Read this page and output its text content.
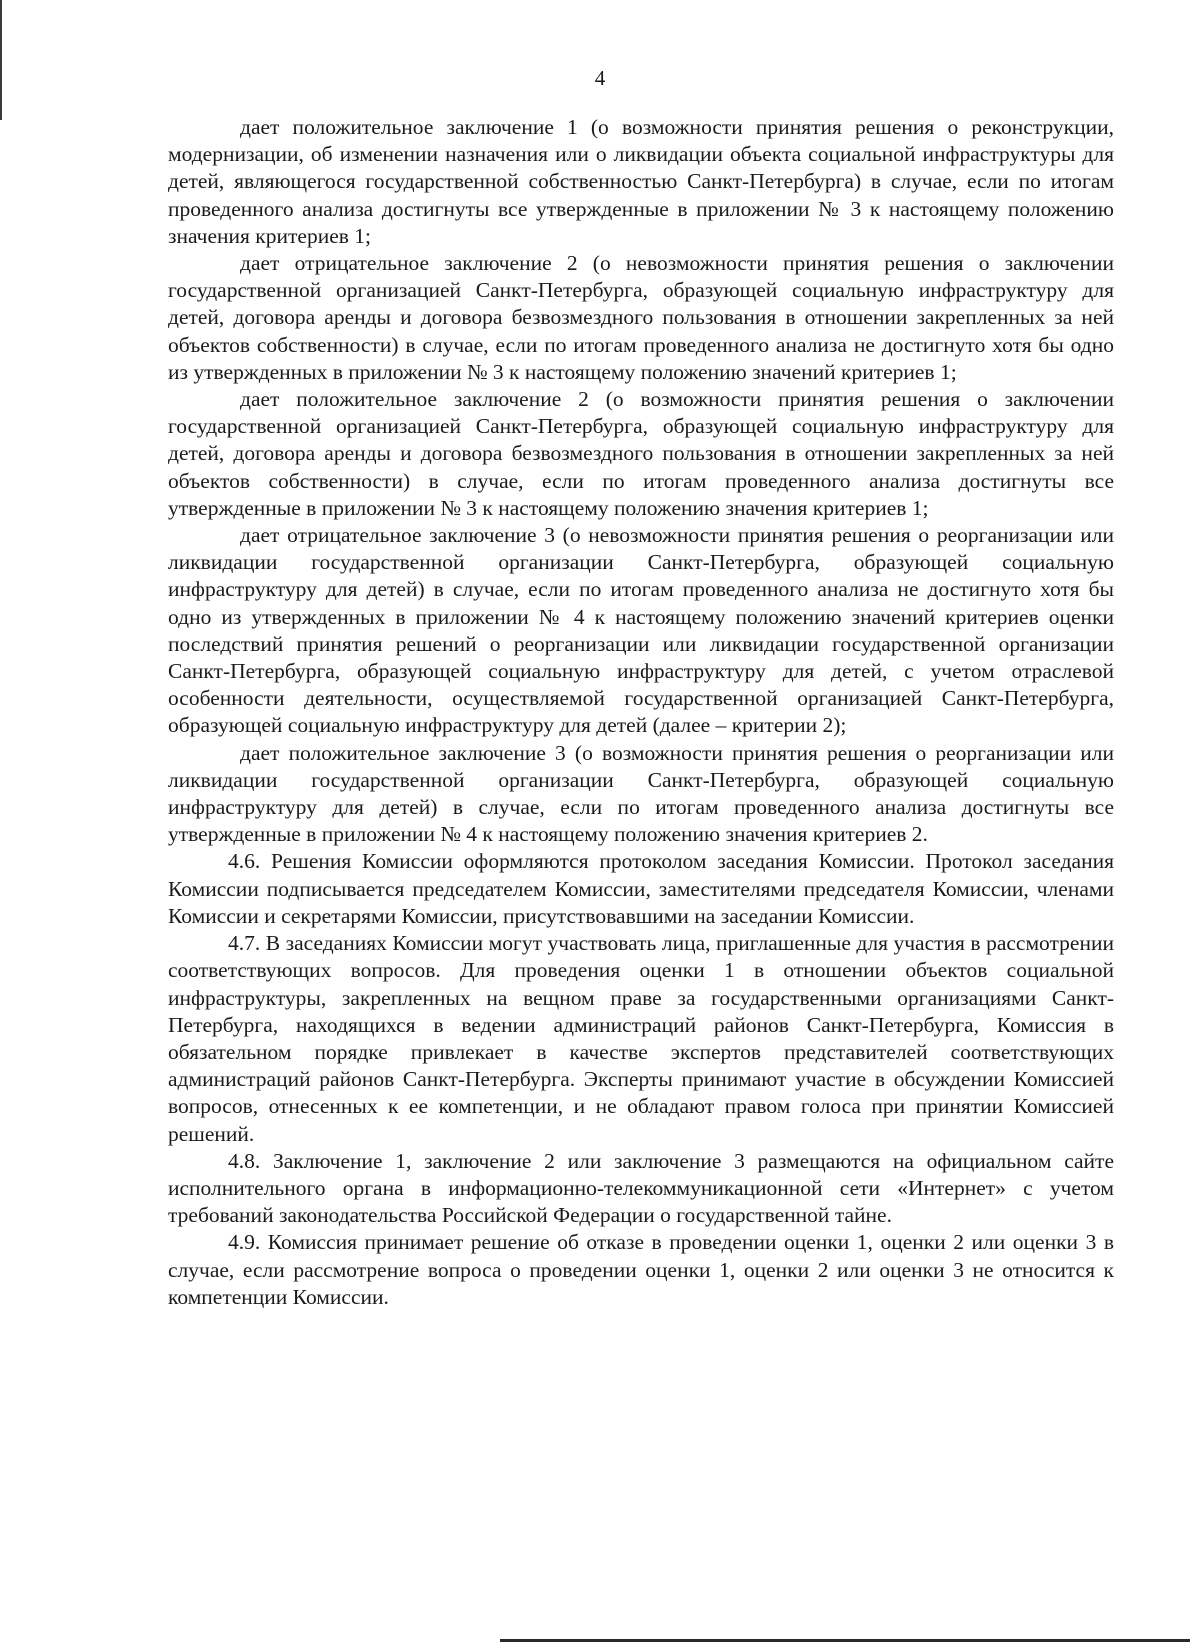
4

дает положительное заключение 1 (о возможности принятия решения о реконструкции, модернизации, об изменении назначения или о ликвидации объекта социальной инфраструктуры для детей, являющегося государственной собственностью Санкт-Петербурга) в случае, если по итогам проведенного анализа достигнуты все утвержденные в приложении № 3 к настоящему положению значения критериев 1;

дает отрицательное заключение 2 (о невозможности принятия решения о заключении государственной организацией Санкт-Петербурга, образующей социальную инфраструктуру для детей, договора аренды и договора безвозмездного пользования в отношении закрепленных за ней объектов собственности) в случае, если по итогам проведенного анализа не достигнуто хотя бы одно из утвержденных в приложении № 3 к настоящему положению значений критериев 1;

дает положительное заключение 2 (о возможности принятия решения о заключении государственной организацией Санкт-Петербурга, образующей социальную инфраструктуру для детей, договора аренды и договора безвозмездного пользования в отношении закрепленных за ней объектов собственности) в случае, если по итогам проведенного анализа достигнуты все утвержденные в приложении № 3 к настоящему положению значения критериев 1;

дает отрицательное заключение 3 (о невозможности принятия решения о реорганизации или ликвидации государственной организации Санкт-Петербурга, образующей социальную инфраструктуру для детей) в случае, если по итогам проведенного анализа не достигнуто хотя бы одно из утвержденных в приложении № 4 к настоящему положению значений критериев оценки последствий принятия решений о реорганизации или ликвидации государственной организации Санкт-Петербурга, образующей социальную инфраструктуру для детей, с учетом отраслевой особенности деятельности, осуществляемой государственной организацией Санкт-Петербурга, образующей социальную инфраструктуру для детей (далее – критерии 2);

дает положительное заключение 3 (о возможности принятия решения о реорганизации или ликвидации государственной организации Санкт-Петербурга, образующей социальную инфраструктуру для детей) в случае, если по итогам проведенного анализа достигнуты все утвержденные в приложении № 4 к настоящему положению значения критериев 2.

4.6. Решения Комиссии оформляются протоколом заседания Комиссии. Протокол заседания Комиссии подписывается председателем Комиссии, заместителями председателя Комиссии, членами Комиссии и секретарями Комиссии, присутствовавшими на заседании Комиссии.

4.7. В заседаниях Комиссии могут участвовать лица, приглашенные для участия в рассмотрении соответствующих вопросов. Для проведения оценки 1 в отношении объектов социальной инфраструктуры, закрепленных на вещном праве за государственными организациями Санкт-Петербурга, находящихся в ведении администраций районов Санкт-Петербурга, Комиссия в обязательном порядке привлекает в качестве экспертов представителей соответствующих администраций районов Санкт-Петербурга. Эксперты принимают участие в обсуждении Комиссией вопросов, отнесенных к ее компетенции, и не обладают правом голоса при принятии Комиссией решений.

4.8. Заключение 1, заключение 2 или заключение 3 размещаются на официальном сайте исполнительного органа в информационно-телекоммуникационной сети «Интернет» с учетом требований законодательства Российской Федерации о государственной тайне.

4.9. Комиссия принимает решение об отказе в проведении оценки 1, оценки 2 или оценки 3 в случае, если рассмотрение вопроса о проведении оценки 1, оценки 2 или оценки 3 не относится к компетенции Комиссии.
